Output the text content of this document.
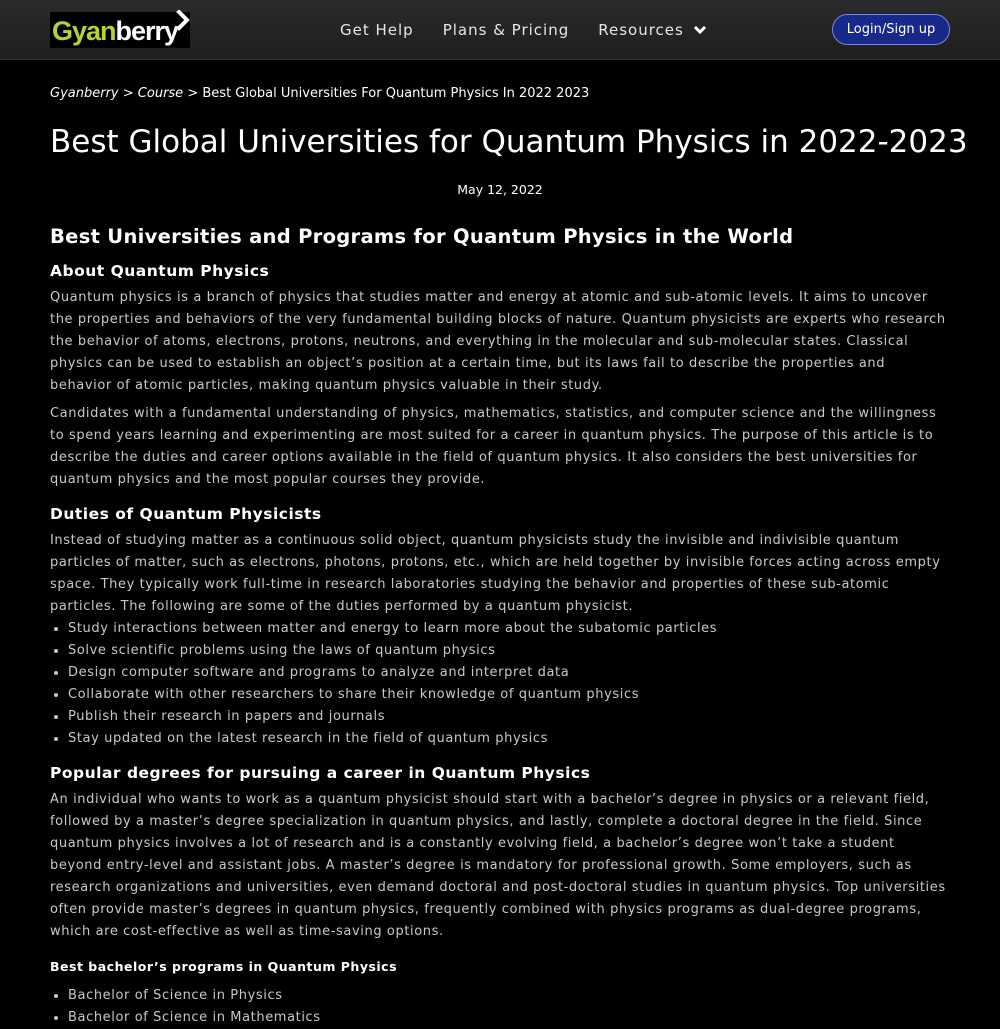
Gyanberry	Get Help Plans & Pricing Resources	Login/Sign up
Gyanberry > Course > Best Global Universities For Quantum Physics In 2022 2023
Best Global Universities for Quantum Physics in 2022-2023
May 12, 2022
Best Universities and Programs for Quantum Physics in the World
About Quantum Physics

Quantum physics is a branch of physics that studies matter and energy at atomic and sub-atomic levels. It aims to uncover the properties and behaviors of the very fundamental building blocks of nature. Quantum physicists are experts who research the behavior of atoms, electrons, protons, neutrons, and everything in the molecular and sub-molecular states. Classical physics can be used to establish an object’s position at a certain time, but its laws fail to describe the properties and behavior of atomic particles, making quantum physics valuable in their study.

Candidates with a fundamental understanding of physics, mathematics, statistics, and computer science and the willingness to spend years learning and experimenting are most suited for a career in quantum physics. The purpose of this article is to describe the duties and career options available in the field of quantum physics. It also considers the best universities for quantum physics and the most popular courses they provide.

Duties of Quantum Physicists

Instead of studying matter as a continuous solid object, quantum physicists study the invisible and indivisible quantum particles of matter, such as electrons, photons, protons, etc., which are held together by invisible forces acting across empty space. They typically work full-time in research laboratories studying the behavior and properties of these sub-atomic particles. The following are some of the duties performed by a quantum physicist.

• Study interactions between matter and energy to learn more about the subatomic particles
• Solve scientific problems using the laws of quantum physics
• Design computer software and programs to analyze and interpret data
• Collaborate with other researchers to share their knowledge of quantum physics
• Publish their research in papers and journals
• Stay updated on the latest research in the field of quantum physics
Popular degrees for pursuing a career in Quantum Physics

An individual who wants to work as a quantum physicist should start with a bachelor’s degree in physics or a relevant field, followed by a master’s degree specialization in quantum physics, and lastly, complete a doctoral degree in the field. Since quantum physics involves a lot of research and is a constantly evolving field, a bachelor’s degree won’t take a student beyond entry-level and assistant jobs. A master’s degree is mandatory for professional growth. Some employers, such as research organizations and universities, even demand doctoral and post-doctoral studies in quantum physics. Top universities often provide master’s degrees in quantum physics, frequently combined with physics programs as dual-degree programs, which are cost-effective as well as time-saving options.

Best bachelor’s programs in Quantum Physics
• Bachelor of Science in Physics
• Bachelor of Science in Mathematics
